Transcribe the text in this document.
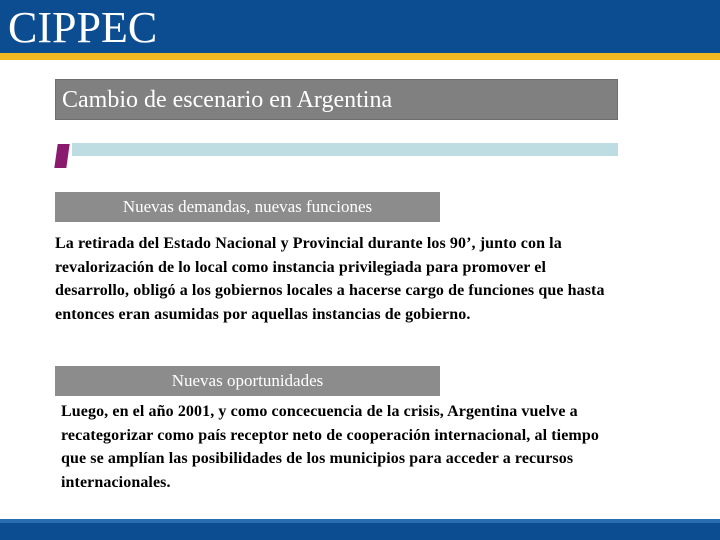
CIPPEC
Cambio de escenario en Argentina
Nuevas demandas, nuevas funciones
La retirada del Estado Nacional y Provincial durante los 90’, junto con la
revalorización de lo local como instancia privilegiada para promover el
desarrollo, obligó a los gobiernos locales a hacerse cargo de funciones que hasta
entonces eran asumidas por aquellas instancias de gobierno.
Nuevas oportunidades
Luego, en el año 2001, y como concecuencia de la crisis, Argentina vuelve a
recategorizar como país receptor neto de cooperación internacional, al tiempo
que se amplían las posibilidades de los municipios para acceder a recursos
internacionales.
